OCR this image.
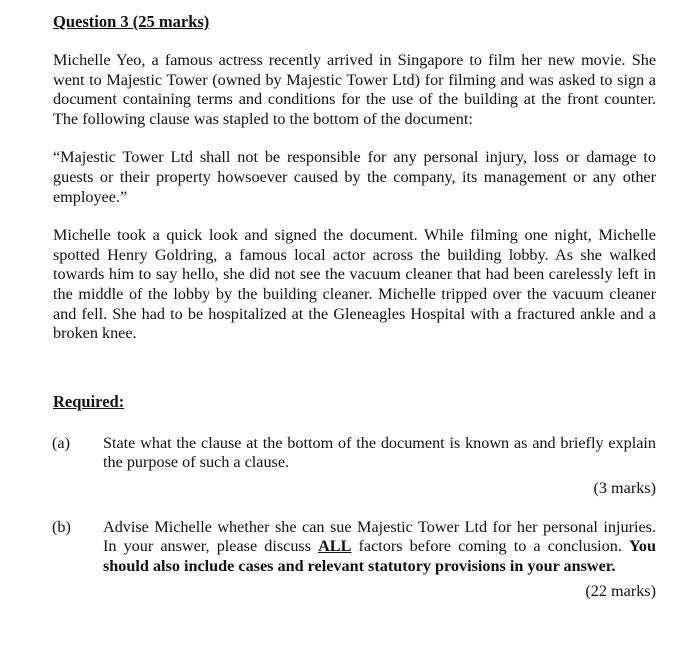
Question 3 (25 marks)

Michelle Yeo, a famous actress recently arrived in Singapore to film her new movie. She went to Majestic Tower (owned by Majestic Tower Ltd) for filming and was asked to sign a document containing terms and conditions for the use of the building at the front counter. The following clause was stapled to the bottom of the document:

“Majestic Tower Ltd shall not be responsible for any personal injury, loss or damage to guests or their property howsoever caused by the company, its management or any other employee.”

Michelle took a quick look and signed the document. While filming one night, Michelle spotted Henry Goldring, a famous local actor across the building lobby. As she walked towards him to say hello, she did not see the vacuum cleaner that had been carelessly left in the middle of the lobby by the building cleaner. Michelle tripped over the vacuum cleaner and fell. She had to be hospitalized at the Gleneagles Hospital with a fractured ankle and a broken knee.

Required:
(a) State what the clause at the bottom of the document is known as and briefly explain the purpose of such a clause.
(3 marks)
(b) Advise Michelle whether she can sue Majestic Tower Ltd for her personal injuries. In your answer, please discuss ALL factors before coming to a conclusion. You should also include cases and relevant statutory provisions in your answer.
(22 marks)
